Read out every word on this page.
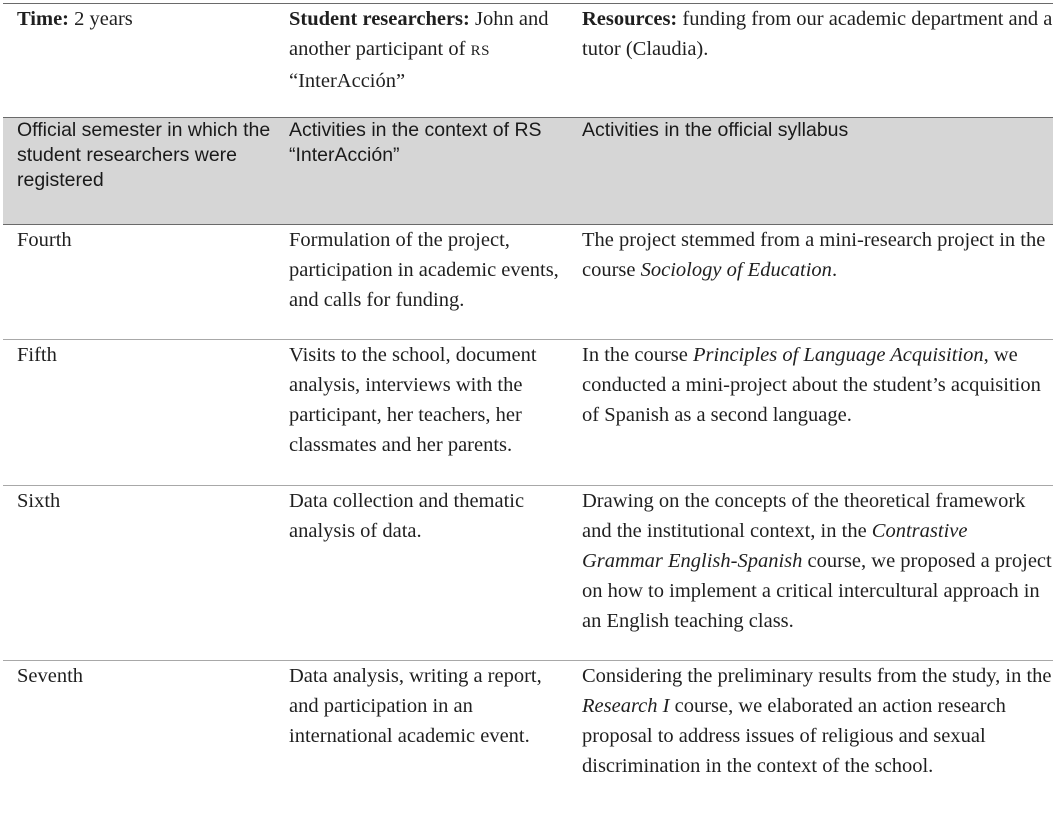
Time: 2 years	Student researchers: John and another participant of RS “InterAcción”	Resources: funding from our academic department and a tutor (Claudia).
Official semester in which the student researchers were registered	Activities in the context of RS “InterAcción”	Activities in the official syllabus
Fourth	Formulation of the project, participation in academic events, and calls for funding.	The project stemmed from a mini-research project in the course Sociology of Education.
Fifth	Visits to the school, document analysis, interviews with the participant, her teachers, her classmates and her parents.	In the course Principles of Language Acquisition, we conducted a mini-project about the student’s acquisition of Spanish as a second language.
Sixth	Data collection and thematic analysis of data.	Drawing on the concepts of the theoretical framework and the institutional context, in the Contrastive Grammar English-Spanish course, we proposed a project on how to implement a critical intercultural approach in an English teaching class.
Seventh	Data analysis, writing a report, and participation in an international academic event.	Considering the preliminary results from the study, in the Research I course, we elaborated an action research proposal to address issues of religious and sexual discrimination in the context of the school.
